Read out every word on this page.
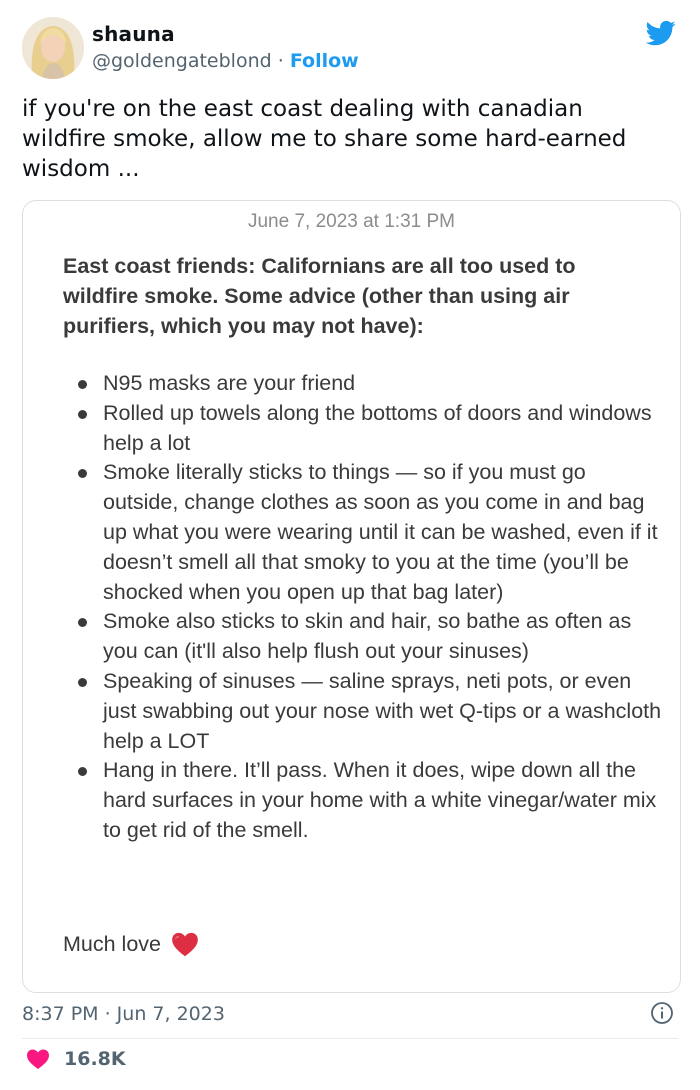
shauna
@goldengateblond · Follow
if you're on the east coast dealing with canadian wildfire smoke, allow me to share some hard-earned wisdom ...
June 7, 2023 at 1:31 PM
East coast friends: Californians are all too used to wildfire smoke. Some advice (other than using air purifiers, which you may not have):
N95 masks are your friend
Rolled up towels along the bottoms of doors and windows help a lot
Smoke literally sticks to things — so if you must go outside, change clothes as soon as you come in and bag up what you were wearing until it can be washed, even if it doesn’t smell all that smoky to you at the time (you’ll be shocked when you open up that bag later)
Smoke also sticks to skin and hair, so bathe as often as you can (it'll also help flush out your sinuses)
Speaking of sinuses — saline sprays, neti pots, or even just swabbing out your nose with wet Q-tips or a washcloth help a LOT
Hang in there. It’ll pass. When it does, wipe down all the hard surfaces in your home with a white vinegar/water mix to get rid of the smell.
Much love
8:37 PM · Jun 7, 2023
16.8K
